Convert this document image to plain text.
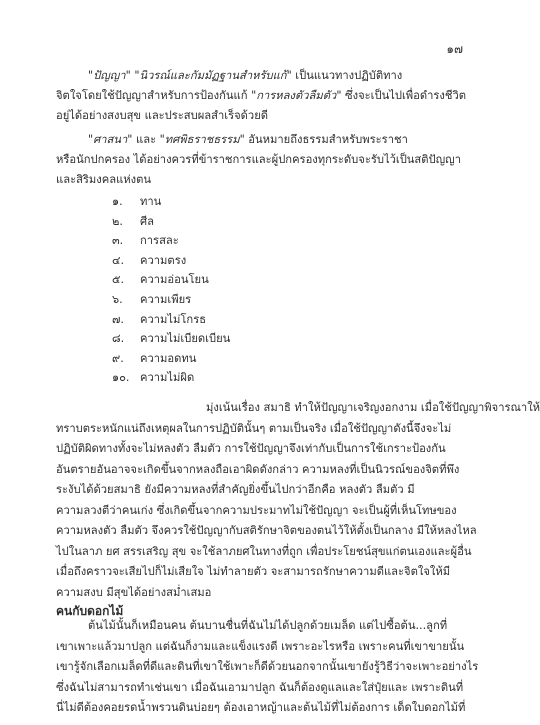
๑๗

"ปัญญา" "นิวรณ์และกัมมัฏฐานสำหรับแก้" เป็นแนวทางปฏิบัติทาง
จิตใจโดยใช้ปัญญาสำหรับการป้องกันแก้ "การหลงตัวลืมตัว" ซึ่งจะเป็นไปเพื่อดำรงชีวิต
อยู่ได้อย่างสงบสุข และประสบผลสำเร็จด้วยดี

"ศาสนา" และ "ทศพิธราชธรรม" อันหมายถึงธรรมสำหรับพระราชา
หรือนักปกครอง ได้อย่างควรที่ข้าราชการและผู้ปกครองทุกระดับจะรับไว้เป็นสติปัญญา
และสิริมงคลแห่งตน

๑.	ทาน
๒.	ศีล
๓.	การสละ
๔.	ความตรง
๕.	ความอ่อนโยน
๖.	ความเพียร
๗.	ความไม่โกรธ
๘.	ความไม่เบียดเบียน
๙.	ความอดทน
๑๐. ความไม่ผิด

มุ่งเน้นเรื่อง สมาธิ ทำให้ปัญญาเจริญงอกงาม เมื่อใช้ปัญญาพิจารณาให้
ทราบตระหนักแน่ถึงเหตุผลในการปฏิบัตินั้นๆ ตามเป็นจริง เมื่อใช้ปัญญาดังนี้จึงจะไม่
ปฏิบัติผิดทางทั้งจะไม่หลงตัว ลืมตัว การใช้ปัญญาจึงเท่ากับเป็นการใช้เกราะป้องกัน
อันตรายอันอาจจะเกิดขึ้นจากหลงถือเอาผิดดังกล่าว ความหลงที่เป็นนิวรณ์ของจิตที่พึง
ระงับได้ด้วยสมาธิ ยังมีความหลงที่สำคัญยิ่งขึ้นไปกว่าอีกคือ หลงตัว ลืมตัว มี
ความลวงตีว่าคนเก่ง ซึ่งเกิดขึ้นจากความประมาทไม่ใช้ปัญญา จะเป็นผู้ที่เห็นโทษของ
ความหลงตัว ลืมตัว จึงควรใช้ปัญญากับสติรักษาจิตของตนไว้ให้ตั้งเป็นกลาง มีให้หลงไหล
ไปในลาภ ยศ สรรเสริญ สุข จะใช้ลาภยศในทางที่ถูก เพื่อประโยชน์สุขแก่ตนเองและผู้อื่น
เมื่อถึงคราวจะเสียไปก็ไม่เสียใจ ไม่ทำลายตัว จะสามารถรักษาความดีและจิตใจให้มี
ความสงบ มีสุขได้อย่างสม่ำเสมอ

คนกับดอกไม้

ต้นไม้นั้นก็เหมือนคน ต้นบานชื่นที่ฉันไม่ได้ปลูกด้วยเมล็ด แต่ไปซื้อต้น...ลูกที่
เขาเพาะแล้วมาปลูก แต่ฉันก็งามและแข็งแรงดี เพราะอะไรหรือ เพราะคนที่เขาขายนั้น
เขารู้จักเลือกเมล็ดที่ดีและดินที่เขาใช้เพาะก็ดีด้วยนอกจากนั้นเขายังรู้วิธีว่าจะเพาะอย่างไร
ซึ่งฉันไม่สามารถทำเช่นเขา เมื่อฉันเอามาปลูก ฉันก็ต้องดูแลและใส่ปุ๋ยและ เพราะดินที่
นี่ไม่ดีต้องคอยรดน้ำพรวนดินบ่อยๆ ต้องเอาหญ้าและต้นไม้ที่ไม่ต้องการ เด็ดใบดอกไม้ที่
